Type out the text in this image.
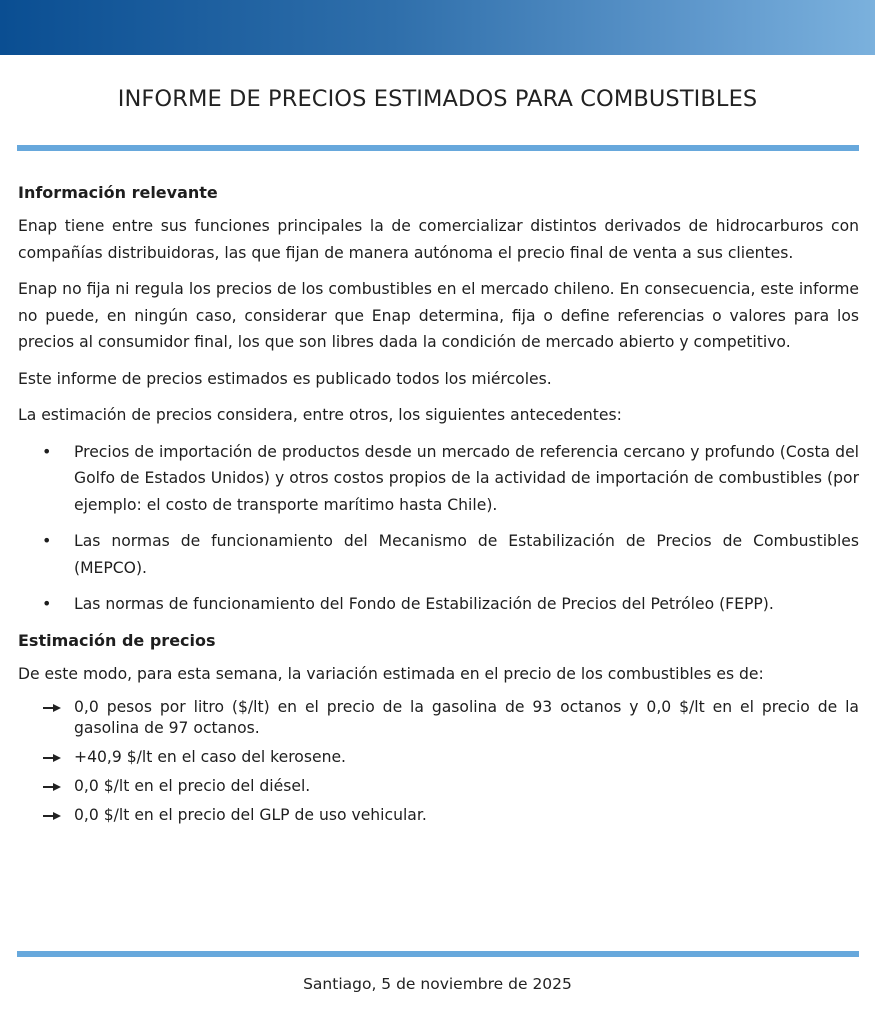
INFORME DE PRECIOS ESTIMADOS PARA COMBUSTIBLES
Información relevante

Enap tiene entre sus funciones principales la de comercializar distintos derivados de hidrocarburos con compañías distribuidoras, las que fijan de manera autónoma el precio final de venta a sus clientes.

Enap no fija ni regula los precios de los combustibles en el mercado chileno. En consecuencia, este informe no puede, en ningún caso, considerar que Enap determina, fija o define referencias o valores para los precios al consumidor final, los que son libres dada la condición de mercado abierto y competitivo.

Este informe de precios estimados es publicado todos los miércoles.

La estimación de precios considera, entre otros, los siguientes antecedentes:

• Precios de importación de productos desde un mercado de referencia cercano y profundo (Costa del Golfo de Estados Unidos) y otros costos propios de la actividad de importación de combustibles (por ejemplo: el costo de transporte marítimo hasta Chile).
• Las normas de funcionamiento del Mecanismo de Estabilización de Precios de Combustibles (MEPCO).
• Las normas de funcionamiento del Fondo de Estabilización de Precios del Petróleo (FEPP).
Estimación de precios

De este modo, para esta semana, la variación estimada en el precio de los combustibles es de:

0,0 pesos por litro ($/lt) en el precio de la gasolina de 93 octanos y 0,0 $/lt en el precio de la gasolina de 97 octanos.
+40,9 $/lt en el caso del kerosene.
0,0 $/lt en el precio del diésel.
0,0 $/lt en el precio del GLP de uso vehicular.
Santiago, 5 de noviembre de 2025
